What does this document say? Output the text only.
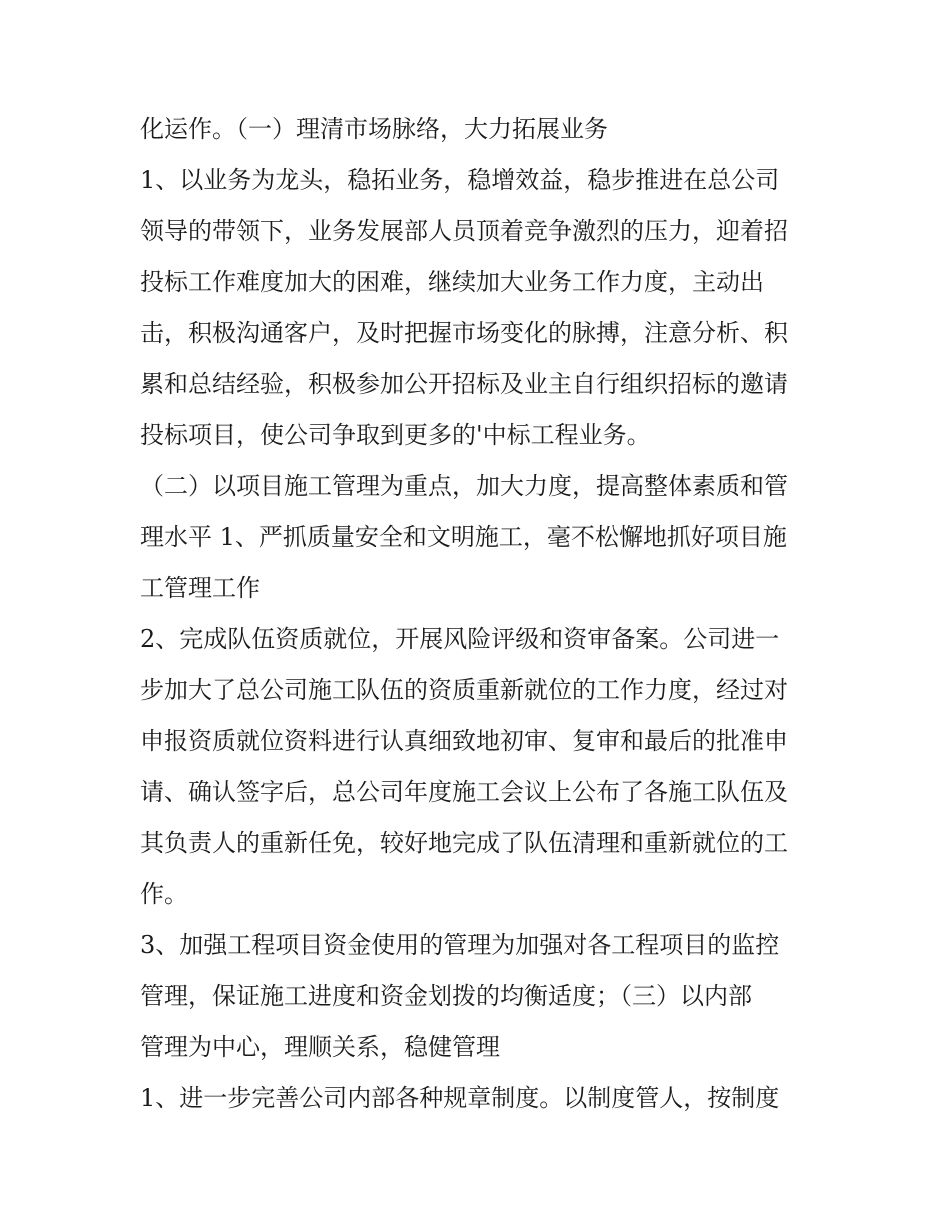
化运作。（一）理清市场脉络，大力拓展业务
1、以业务为龙头，稳拓业务，稳增效益，稳步推进在总公司
领导的带领下，业务发展部人员顶着竞争激烈的压力，迎着招
投标工作难度加大的困难，继续加大业务工作力度，主动出
击，积极沟通客户，及时把握市场变化的脉搏，注意分析、积
累和总结经验，积极参加公开招标及业主自行组织招标的邀请
投标项目，使公司争取到更多的'中标工程业务。
（二）以项目施工管理为重点，加大力度，提高整体素质和管
理水平 1、严抓质量安全和文明施工，毫不松懈地抓好项目施
工管理工作
2、完成队伍资质就位，开展风险评级和资审备案。公司进一
步加大了总公司施工队伍的资质重新就位的工作力度，经过对
申报资质就位资料进行认真细致地初审、复审和最后的批准申
请、确认签字后，总公司年度施工会议上公布了各施工队伍及
其负责人的重新任免，较好地完成了队伍清理和重新就位的工
作。
3、加强工程项目资金使用的管理为加强对各工程项目的监控
管理，保证施工进度和资金划拨的均衡适度；（三）以内部
管理为中心，理顺关系，稳健管理
1、进一步完善公司内部各种规章制度。以制度管人，按制度
